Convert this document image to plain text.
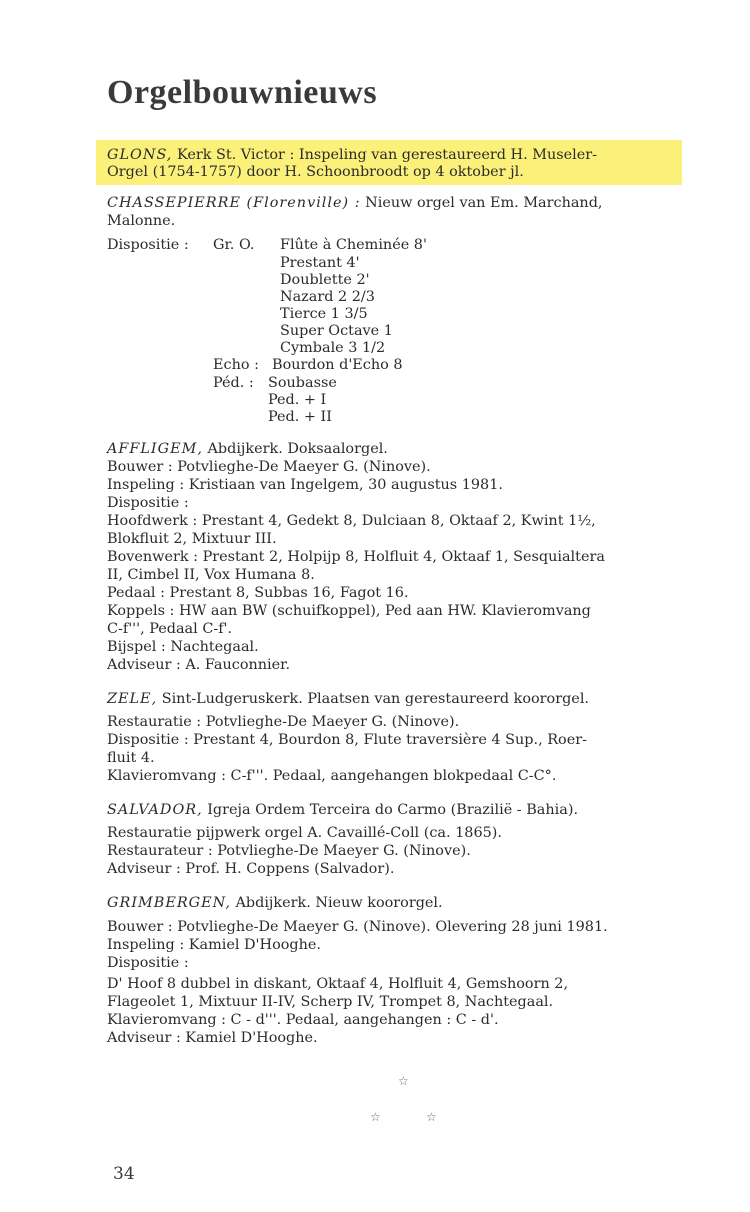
Orgelbouwnieuws
GLONS, Kerk St. Victor : Inspeling van gerestaureerd H. Museler-
Orgel (1754-1757) door H. Schoonbroodt op 4 oktober jl.
CHASSEPIERRE (Florenville) : Nieuw orgel van Em. Marchand,
Malonne.
Dispositie : Gr. O. Flûte à Cheminée 8'
Prestant 4'
Doublette 2'
Nazard 2 2/3
Tierce 1 3/5
Super Octave 1
Cymbale 3 1/2
Echo : Bourdon d'Echo 8
Péd. : Soubasse
Ped. + I
Ped. + II
AFFLIGEM, Abdijkerk. Doksaalorgel.
Bouwer : Potvlieghe-De Maeyer G. (Ninove).
Inspeling : Kristiaan van Ingelgem, 30 augustus 1981.
Dispositie :
Hoofdwerk : Prestant 4, Gedekt 8, Dulciaan 8, Oktaaf 2, Kwint 1½,
Blokfluit 2, Mixtuur III.
Bovenwerk : Prestant 2, Holpijp 8, Holfluit 4, Oktaaf 1, Sesquialtera
II, Cimbel II, Vox Humana 8.
Pedaal : Prestant 8, Subbas 16, Fagot 16.
Koppels : HW aan BW (schuifkoppel), Ped aan HW. Klavieromvang
C-f''', Pedaal C-f'.
Bijspel : Nachtegaal.
Adviseur : A. Fauconnier.
ZELE, Sint-Ludgeruskerk. Plaatsen van gerestaureerd koororgel.
Restauratie : Potvlieghe-De Maeyer G. (Ninove).
Dispositie : Prestant 4, Bourdon 8, Flute traversière 4 Sup., Roer-
fluit 4.
Klavieromvang : C-f'''. Pedaal, aangehangen blokpedaal C-C°.
SALVADOR, Igreja Ordem Terceira do Carmo (Braziliё - Bahia).
Restauratie pijpwerk orgel A. Cavaillé-Coll (ca. 1865).
Restaurateur : Potvlieghe-De Maeyer G. (Ninove).
Adviseur : Prof. H. Coppens (Salvador).
GRIMBERGEN, Abdijkerk. Nieuw koororgel.
Bouwer : Potvlieghe-De Maeyer G. (Ninove). Olevering 28 juni 1981.
Inspeling : Kamiel D'Hooghe.
Dispositie :
D' Hoof 8 dubbel in diskant, Oktaaf 4, Holfluit 4, Gemshoorn 2,
Flageolet 1, Mixtuur II-IV, Scherp IV, Trompet 8, Nachtegaal.
Klavieromvang : C - d'''. Pedaal, aangehangen : C - d'.
Adviseur : Kamiel D'Hooghe.
☆
☆	☆
34
